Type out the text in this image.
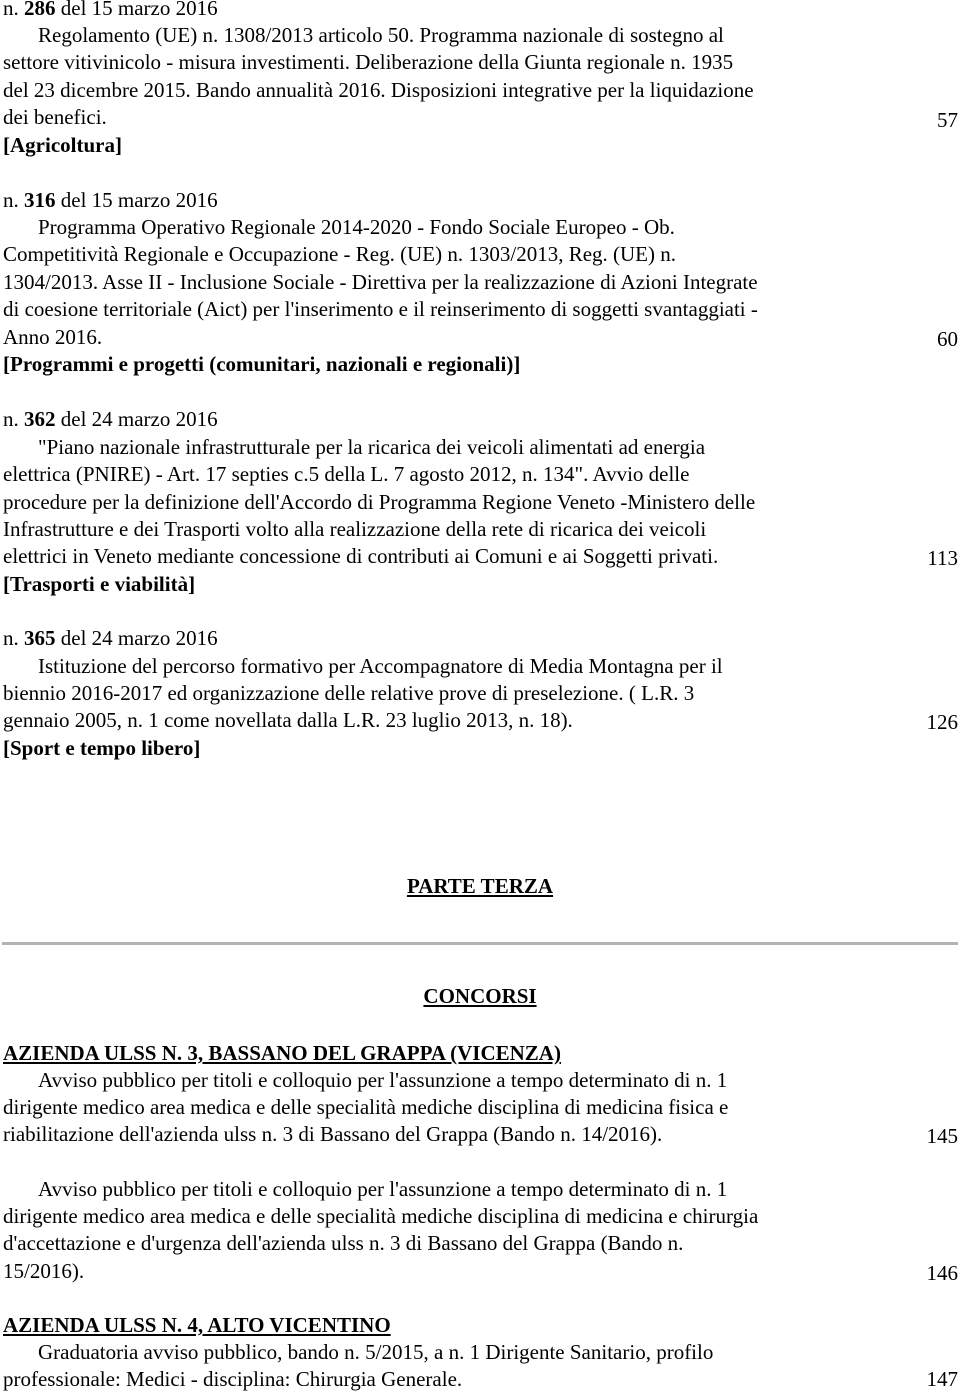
n. 286 del 15 marzo 2016
Regolamento (UE) n. 1308/2013 articolo 50. Programma nazionale di sostegno al
settore vitivinicolo - misura investimenti. Deliberazione della Giunta regionale n. 1935
del 23 dicembre 2015. Bando annualità 2016. Disposizioni integrative per la liquidazione
dei benefici.	57
[Agricoltura]
n. 316 del 15 marzo 2016
Programma Operativo Regionale 2014-2020 - Fondo Sociale Europeo - Ob.
Competitività Regionale e Occupazione - Reg. (UE) n. 1303/2013, Reg. (UE) n.
1304/2013. Asse II - Inclusione Sociale - Direttiva per la realizzazione di Azioni Integrate
di coesione territoriale (Aict) per l'inserimento e il reinserimento di soggetti svantaggiati -
Anno 2016.	60
[Programmi e progetti (comunitari, nazionali e regionali)]
n. 362 del 24 marzo 2016
"Piano nazionale infrastrutturale per la ricarica dei veicoli alimentati ad energia
elettrica (PNIRE) - Art. 17 septies c.5 della L. 7 agosto 2012, n. 134". Avvio delle
procedure per la definizione dell'Accordo di Programma Regione Veneto -Ministero delle
Infrastrutture e dei Trasporti volto alla realizzazione della rete di ricarica dei veicoli
elettrici in Veneto mediante concessione di contributi ai Comuni e ai Soggetti privati.	113
[Trasporti e viabilità]
n. 365 del 24 marzo 2016
Istituzione del percorso formativo per Accompagnatore di Media Montagna per il
biennio 2016-2017 ed organizzazione delle relative prove di preselezione. ( L.R. 3
gennaio 2005, n. 1 come novellata dalla L.R. 23 luglio 2013, n. 18).	126
[Sport e tempo libero]
PARTE TERZA
CONCORSI
AZIENDA ULSS N. 3, BASSANO DEL GRAPPA (VICENZA)
Avviso pubblico per titoli e colloquio per l'assunzione a tempo determinato di n. 1
dirigente medico area medica e delle specialità mediche disciplina di medicina fisica e
riabilitazione dell'azienda ulss n. 3 di Bassano del Grappa (Bando n. 14/2016).	145
Avviso pubblico per titoli e colloquio per l'assunzione a tempo determinato di n. 1
dirigente medico area medica e delle specialità mediche disciplina di medicina e chirurgia
d'accettazione e d'urgenza dell'azienda ulss n. 3 di Bassano del Grappa (Bando n.
15/2016).	146
AZIENDA ULSS N. 4, ALTO VICENTINO
Graduatoria avviso pubblico, bando n. 5/2015, a n. 1 Dirigente Sanitario, profilo
professionale: Medici - disciplina: Chirurgia Generale.	147
